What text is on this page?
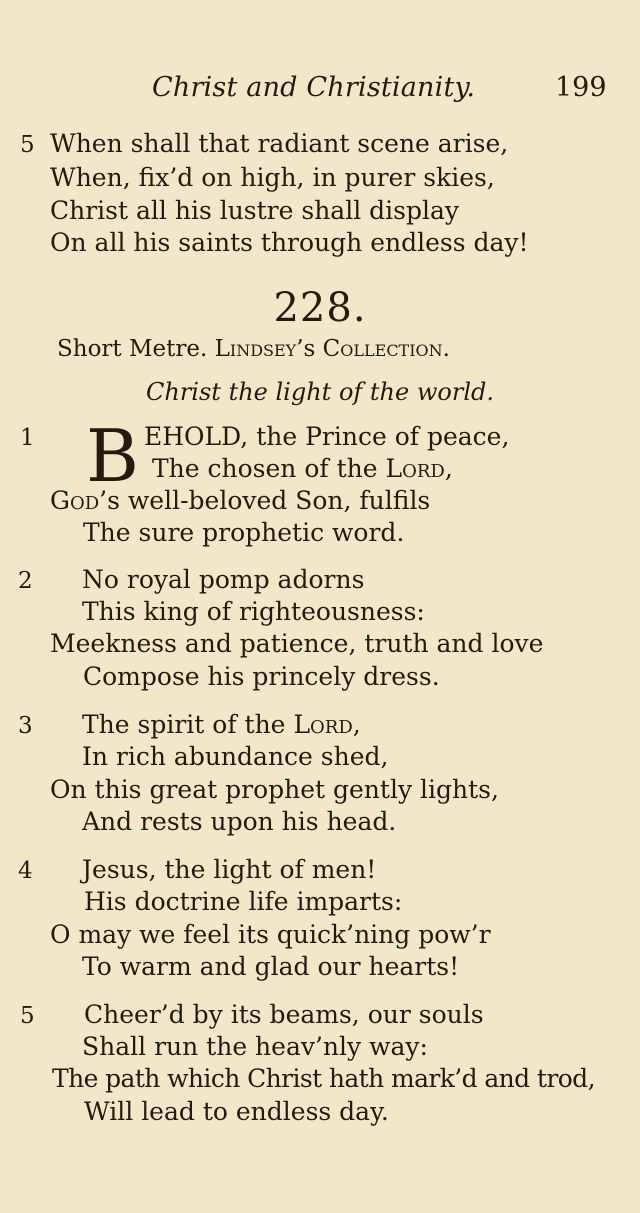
Christ and Christianity.	199
5 When shall that radiant scene arise,
When, fix’d on high, in purer skies,
Christ all his lustre shall display
On all his saints through endless day!
228.
Short Metre. Lindsey’s Collection.
Christ the light of the world.
1 B EHOLD, the Prince of peace,
The chosen of the Lord,
God’s well-beloved Son, fulfils
The sure prophetic word.
2 No royal pomp adorns
This king of righteousness:
Meekness and patience, truth and love
Compose his princely dress.
3 The spirit of the Lord,
In rich abundance shed,
On this great prophet gently lights,
And rests upon his head.
4 Jesus, the light of men!
His doctrine life imparts:
O may we feel its quick’ning pow’r
To warm and glad our hearts!
5 Cheer’d by its beams, our souls
Shall run the heav’nly way:
The path which Christ hath mark’d and trod,
Will lead to endless day.
